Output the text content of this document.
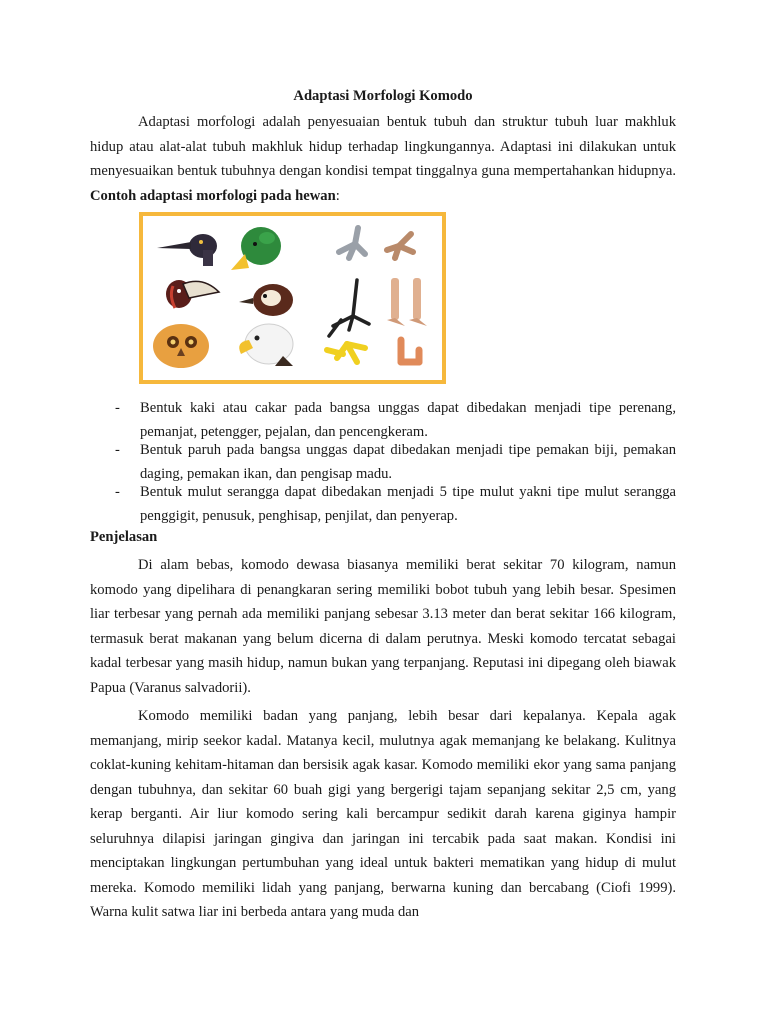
Adaptasi Morfologi Komodo

Adaptasi morfologi adalah penyesuaian bentuk tubuh dan struktur tubuh luar makhluk hidup atau alat-alat tubuh makhluk hidup terhadap lingkungannya. Adaptasi ini dilakukan untuk menyesuaikan bentuk tubuhnya dengan kondisi tempat tinggalnya guna mempertahankan hidupnya. Contoh adaptasi morfologi pada hewan:

- Bentuk kaki atau cakar pada bangsa unggas dapat dibedakan menjadi tipe perenang, pemanjat, petengger, pejalan, dan pencengkeram.
- Bentuk paruh pada bangsa unggas dapat dibedakan menjadi tipe pemakan biji, pemakan daging, pemakan ikan, dan pengisap madu.
- Bentuk mulut serangga dapat dibedakan menjadi 5 tipe mulut yakni tipe mulut serangga penggigit, penusuk, penghisap, penjilat, dan penyerap.
Penjelasan

Di alam bebas, komodo dewasa biasanya memiliki berat sekitar 70 kilogram, namun komodo yang dipelihara di penangkaran sering memiliki bobot tubuh yang lebih besar. Spesimen liar terbesar yang pernah ada memiliki panjang sebesar 3.13 meter dan berat sekitar 166 kilogram, termasuk berat makanan yang belum dicerna di dalam perutnya. Meski komodo tercatat sebagai kadal terbesar yang masih hidup, namun bukan yang terpanjang. Reputasi ini dipegang oleh biawak Papua (Varanus salvadorii).

Komodo memiliki badan yang panjang, lebih besar dari kepalanya. Kepala agak memanjang, mirip seekor kadal. Matanya kecil, mulutnya agak memanjang ke belakang. Kulitnya coklat-kuning kehitam-hitaman dan bersisik agak kasar. Komodo memiliki ekor yang sama panjang dengan tubuhnya, dan sekitar 60 buah gigi yang bergerigi tajam sepanjang sekitar 2,5 cm, yang kerap berganti. Air liur komodo sering kali bercampur sedikit darah karena giginya hampir seluruhnya dilapisi jaringan gingiva dan jaringan ini tercabik pada saat makan. Kondisi ini menciptakan lingkungan pertumbuhan yang ideal untuk bakteri mematikan yang hidup di mulut mereka. Komodo memiliki lidah yang panjang, berwarna kuning dan bercabang (Ciofi 1999). Warna kulit satwa liar ini berbeda antara yang muda dan
